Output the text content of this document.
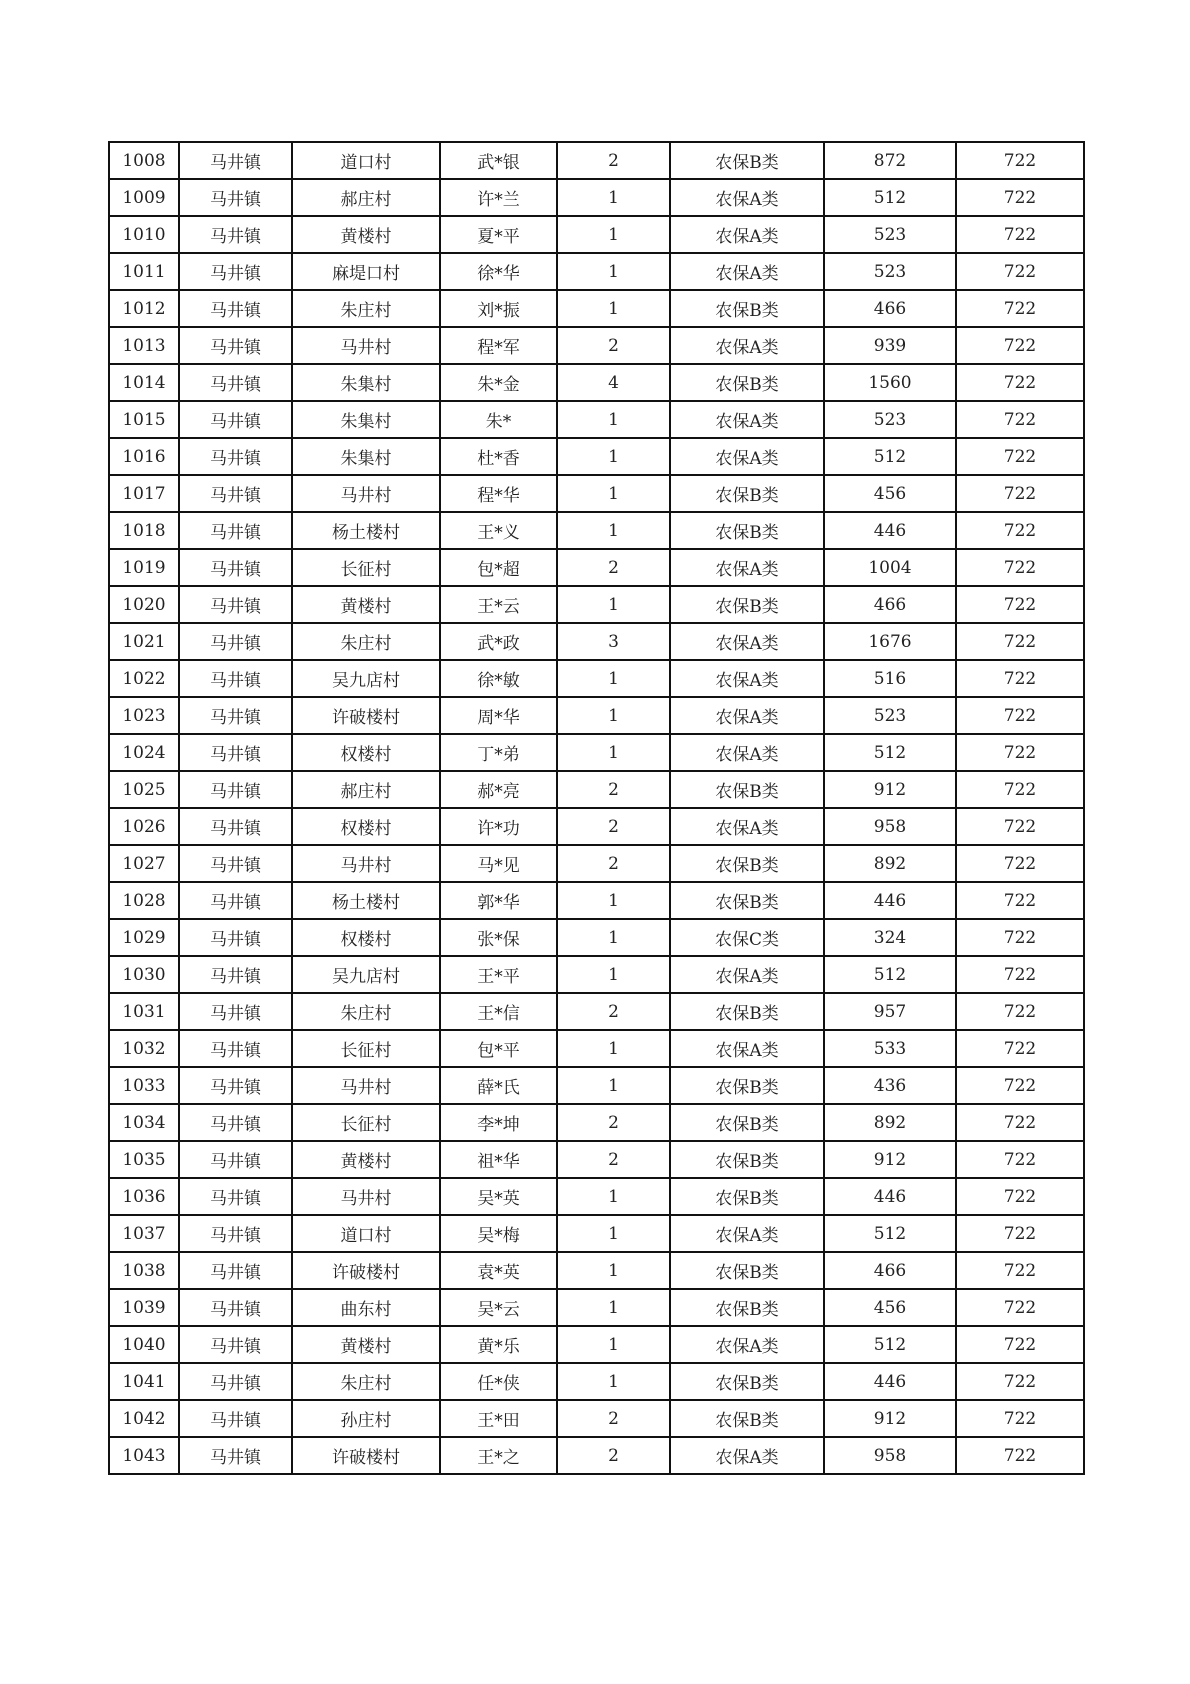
1008	马井镇	道口村	武*银	2	农保B类	872	722
1009	马井镇	郝庄村	许*兰	1	农保A类	512	722
1010	马井镇	黄楼村	夏*平	1	农保A类	523	722
1011	马井镇	麻堤口村	徐*华	1	农保A类	523	722
1012	马井镇	朱庄村	刘*振	1	农保B类	466	722
1013	马井镇	马井村	程*军	2	农保A类	939	722
1014	马井镇	朱集村	朱*金	4	农保B类	1560	722
1015	马井镇	朱集村	朱*	1	农保A类	523	722
1016	马井镇	朱集村	杜*香	1	农保A类	512	722
1017	马井镇	马井村	程*华	1	农保B类	456	722
1018	马井镇	杨土楼村	王*义	1	农保B类	446	722
1019	马井镇	长征村	包*超	2	农保A类	1004	722
1020	马井镇	黄楼村	王*云	1	农保B类	466	722
1021	马井镇	朱庄村	武*政	3	农保A类	1676	722
1022	马井镇	吴九店村	徐*敏	1	农保A类	516	722
1023	马井镇	许破楼村	周*华	1	农保A类	523	722
1024	马井镇	权楼村	丁*弟	1	农保A类	512	722
1025	马井镇	郝庄村	郝*亮	2	农保B类	912	722
1026	马井镇	权楼村	许*功	2	农保A类	958	722
1027	马井镇	马井村	马*见	2	农保B类	892	722
1028	马井镇	杨土楼村	郭*华	1	农保B类	446	722
1029	马井镇	权楼村	张*保	1	农保C类	324	722
1030	马井镇	吴九店村	王*平	1	农保A类	512	722
1031	马井镇	朱庄村	王*信	2	农保B类	957	722
1032	马井镇	长征村	包*平	1	农保A类	533	722
1033	马井镇	马井村	薛*氏	1	农保B类	436	722
1034	马井镇	长征村	李*坤	2	农保B类	892	722
1035	马井镇	黄楼村	祖*华	2	农保B类	912	722
1036	马井镇	马井村	吴*英	1	农保B类	446	722
1037	马井镇	道口村	吴*梅	1	农保A类	512	722
1038	马井镇	许破楼村	袁*英	1	农保B类	466	722
1039	马井镇	曲东村	吴*云	1	农保B类	456	722
1040	马井镇	黄楼村	黄*乐	1	农保A类	512	722
1041	马井镇	朱庄村	任*侠	1	农保B类	446	722
1042	马井镇	孙庄村	王*田	2	农保B类	912	722
1043	马井镇	许破楼村	王*之	2	农保A类	958	722
